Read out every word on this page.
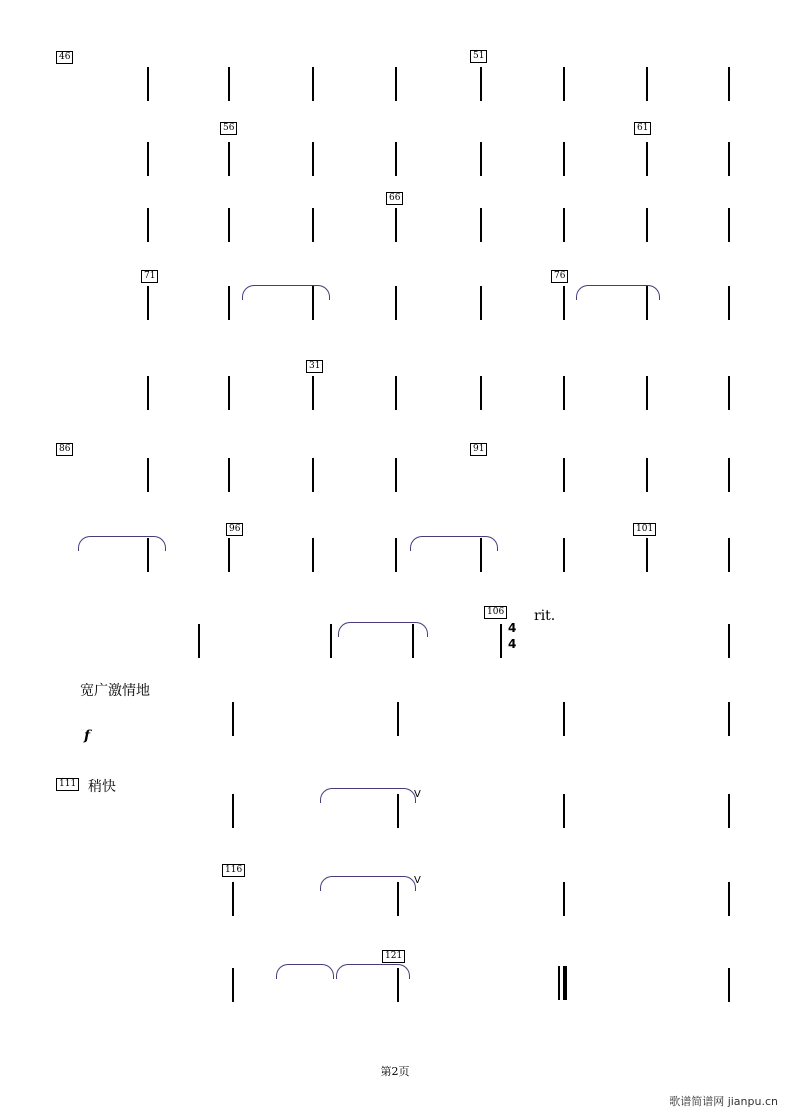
46	51
56	61
66
71	76
31
86	91
96	101
106 rit.
4
4
宽广激情地
f
111 稍快	V
116
V
121
第2页
歌谱简谱网 jianpu.cn
